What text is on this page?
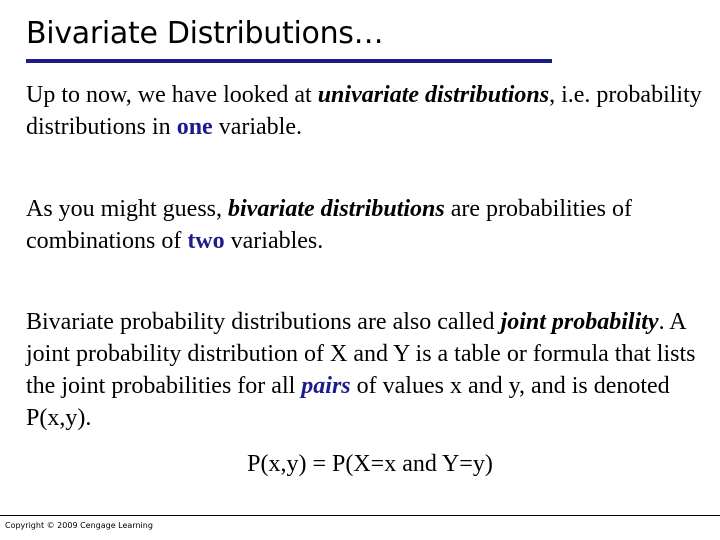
Bivariate Distributions…
Up to now, we have looked at univariate distributions, i.e. probability distributions in one variable.
As you might guess, bivariate distributions are probabilities of combinations of two variables.
Bivariate probability distributions are also called joint probability. A joint probability distribution of X and Y is a table or formula that lists the joint probabilities for all pairs of values x and y, and is denoted P(x,y).
P(x,y) = P(X=x and Y=y)
Copyright © 2009 Cengage Learning
